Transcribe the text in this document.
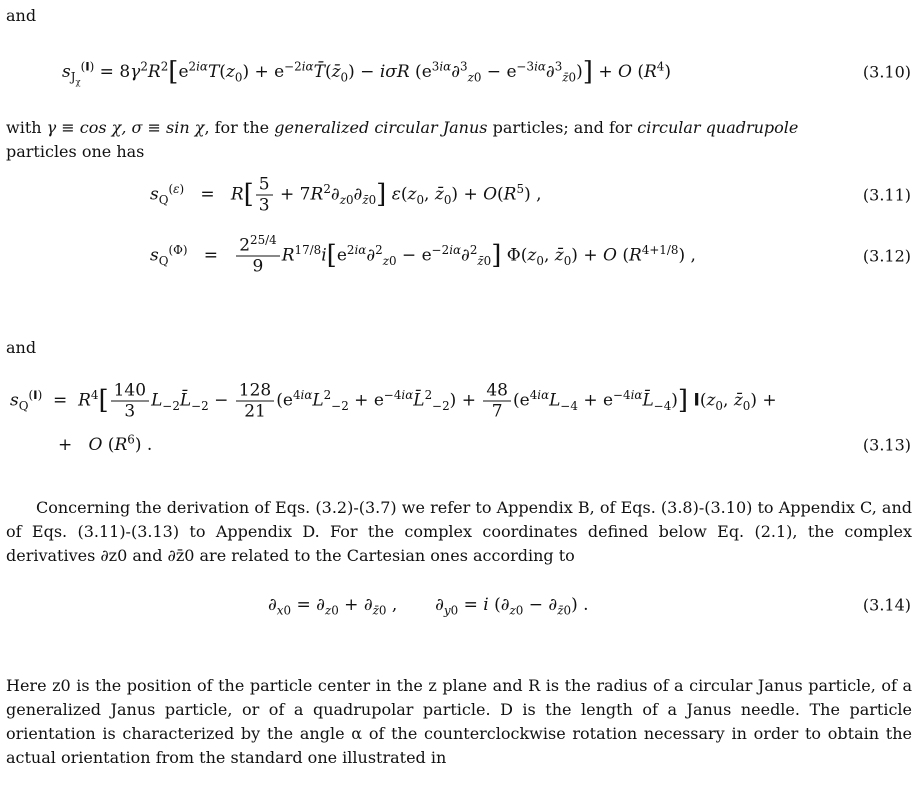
and

$s_{J_\chi}^{(I)} = 8\gamma^2R^2[e^{2i\alpha}T(z_0)$ + $e^{-2i\alpha}T̄(z̄_0) - i\sigma R$ $(e^{3i\alpha}\partial^3_{z0} - e^{-3i\alpha}\partial^3_{z̄0})] + O$ $(R^4)$	(3.10)

with γ ≡ cos χ, σ ≡ sin χ, for the generalized circular Janus particles; and for circular quadrupole
particles one has

$s_Q^{(\varepsilon)} = R[ \frac{5}{3} + 7R^2\partial_{z0}\partial_{z̄0}]$ $\varepsilon(z_0$, $z̄_0) + O(R^5)$ ,	(3.11)
$s_Q^{(\Phi)} = \frac{2^{25/4}}{9} R^{17/8}i[e^{2i\alpha}\partial^2_{z0} - e^{-2i\alpha}\partial^2_{z̄0}]$ $\Phi(z_0$, $z̄_0) + O$ $(R^{4+1/8})$ ,	(3.12)

and

$s_Q^{(I)} = R^4[ \frac{140}{3}$ $L_{-2}L̄_{-2} - \frac{128}{21} (e^{4i\alpha}L^2_{-2}$ + $e^{-4i\alpha}L̄^2_{-2}) + \frac{48}{7} (e^{4i\alpha}L_{-4}$ + $e^{-4i\alpha}L̄_{-4}$)] $I(z_0$, $z̄_0$) +
+   O $(R^6)$ .	(3.13)

Concerning the derivation of Eqs. (3.2)-(3.7) we refer to Appendix B, of Eqs. (3.8)-(3.10) to Appendix C, and of Eqs. (3.11)-(3.13) to Appendix D. For the complex coordinates defined below Eq. (2.1), the complex derivatives ∂z0 and ∂z̄0 are related to the Cartesian ones according to

$\partial_{x0} = \partial_{z0} + \partial_{z̄0}$ ,       $\partial_{y0} = i$ $(\partial_{z0} - \partial_{z̄0})$ .	(3.14)

Here z0 is the position of the particle center in the z plane and R is the radius of a circular Janus particle, of a generalized Janus particle, or of a quadrupolar particle. D is the length of a Janus needle. The particle orientation is characterized by the angle α of the counterclockwise rotation necessary in order to obtain the actual orientation from the standard one illustrated in
